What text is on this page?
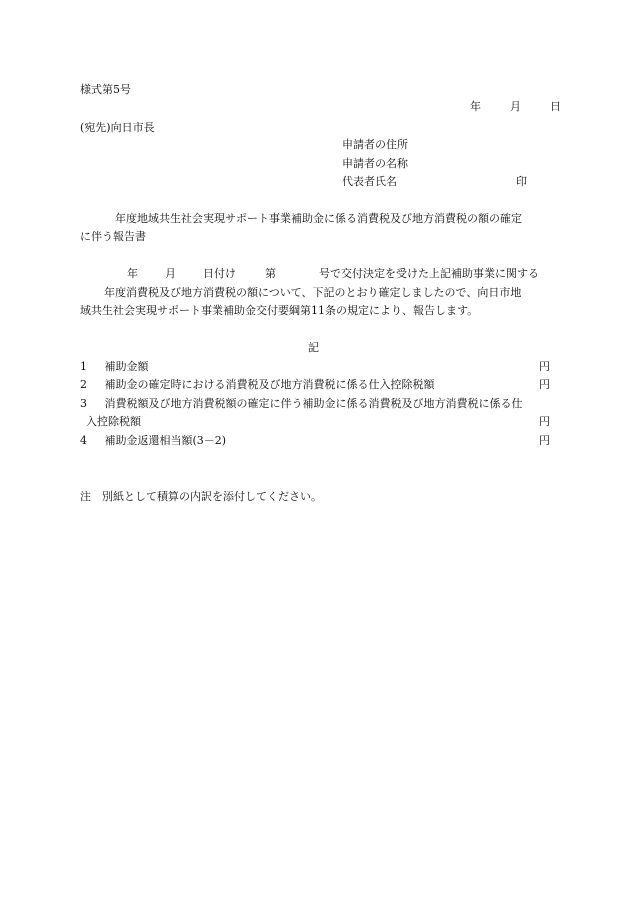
様式第5号
年	月	日
(宛先)向日市長
申請者の住所
申請者の名称
代表者氏名	印
年度地域共生社会実現サポート事業補助金に係る消費税及び地方消費税の額の確定
に伴う報告書
年 月 日付け	第	号で交付決定を受けた上記補助事業に関する
年度消費税及び地方消費税の額について、下記のとおり確定しましたので、向日市地
域共生社会実現サポート事業補助金交付要綱第11条の規定により、報告します。
記
1 補助金額	円
2 補助金の確定時における消費税及び地方消費税に係る仕入控除税額	円
3 消費税額及び地方消費税額の確定に伴う補助金に係る消費税及び地方消費税に係る仕
入控除税額	円
4 補助金返還相当額(3－2)	円
注　別紙として積算の内訳を添付してください。
